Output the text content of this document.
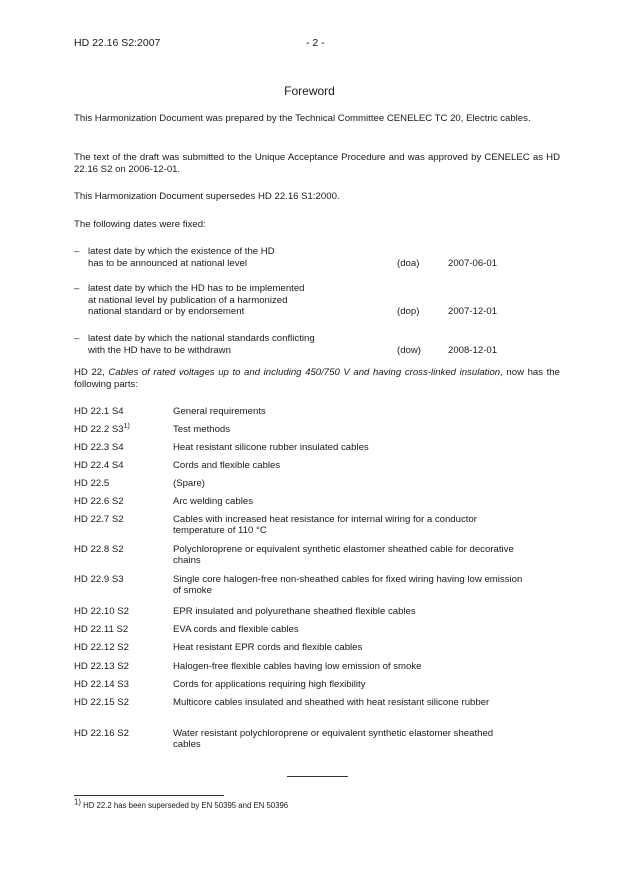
HD 22.16 S2:2007	- 2 -
Foreword
This Harmonization Document was prepared by the Technical Committee CENELEC TC 20, Electric cables.
The text of the draft was submitted to the Unique Acceptance Procedure and was approved by CENELEC as HD 22.16 S2 on 2006-12-01.
This Harmonization Document supersedes HD 22.16 S1:2000.
The following dates were fixed:
– latest date by which the existence of the HD
has to be announced at national level	(doa)	2007-06-01
– latest date by which the HD has to be implemented
at national level by publication of a harmonized
national standard or by endorsement	(dop)	2007-12-01
– latest date by which the national standards conflicting
with the HD have to be withdrawn	(dow)	2008-12-01
HD 22, Cables of rated voltages up to and including 450/750 V and having cross-linked insulation, now has the following parts:
HD 22.1 S4	General requirements
HD 22.2 S3$^{1)}$	Test methods
HD 22.3 S4	Heat resistant silicone rubber insulated cables
HD 22.4 S4	Cords and flexible cables
HD 22.5	(Spare)
HD 22.6 S2	Arc welding cables
HD 22.7 S2	Cables with increased heat resistance for internal wiring for a conductor temperature of 110 °C
HD 22.8 S2	Polychloroprene or equivalent synthetic elastomer sheathed cable for decorative chains
HD 22.9 S3	Single core halogen-free non-sheathed cables for fixed wiring having low emission of smoke
HD 22.10 S2	EPR insulated and polyurethane sheathed flexible cables
HD 22.11 S2	EVA cords and flexible cables
HD 22.12 S2	Heat resistant EPR cords and flexible cables
HD 22.13 S2	Halogen-free flexible cables having low emission of smoke
HD 22.14 S3	Cords for applications requiring high flexibility
HD 22.15 S2	Multicore cables insulated and sheathed with heat resistant silicone rubber
HD 22.16 S2	Water resistant polychloroprene or equivalent synthetic elastomer sheathed cables
$^{1)}$ HD 22.2 has been superseded by EN 50395 and EN 50396
